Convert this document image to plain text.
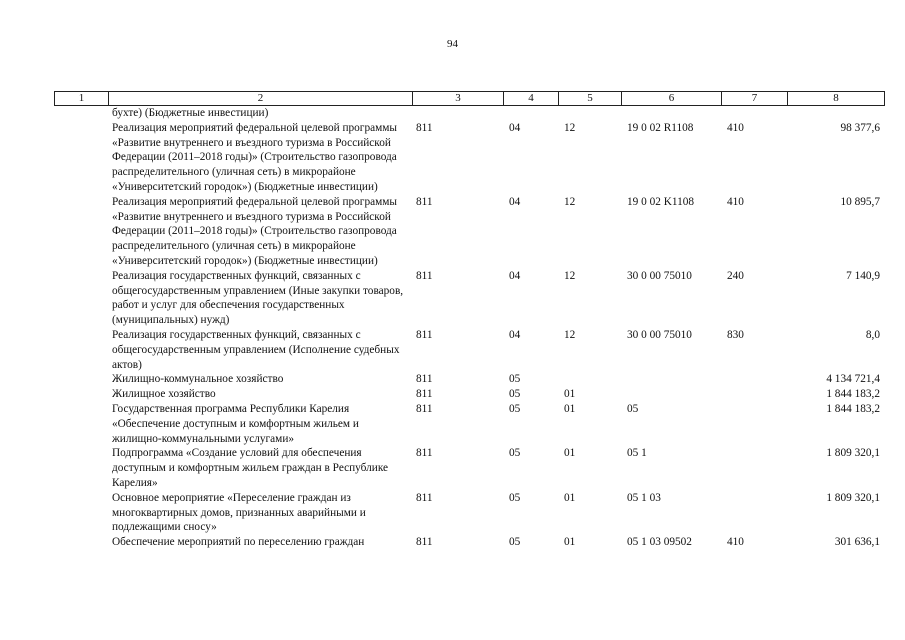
94
1	2	3	4	5	6	7	8
	бухте) (Бюджетные инвестиции)						
	Реализация мероприятий федеральной целевой программы «Развитие внутреннего и въездного туризма в Российской Федерации (2011–2018 годы)» (Строительство газопровода распределительного (уличная сеть) в микрорайоне «Университетский городок») (Бюджетные инвестиции)	811	04	12	19 0 02 R1108	410	98 377,6
	Реализация мероприятий федеральной целевой программы «Развитие внутреннего и въездного туризма в Российской Федерации (2011–2018 годы)» (Строительство газопровода распределительного (уличная сеть) в микрорайоне «Университетский городок») (Бюджетные инвестиции)	811	04	12	19 0 02 K1108	410	10 895,7
	Реализация государственных функций, связанных с общегосударственным управлением (Иные закупки товаров, работ и услуг для обеспечения государственных (муниципальных) нужд)	811	04	12	30 0 00 75010	240	7 140,9
	Реализация государственных функций, связанных с общегосударственным управлением (Исполнение судебных актов)	811	04	12	30 0 00 75010	830	8,0
	Жилищно-коммунальное хозяйство	811	05				4 134 721,4
	Жилищное хозяйство	811	05	01			1 844 183,2
	Государственная программа Республики Карелия «Обеспечение доступным и комфортным жильем и жилищно-коммунальными услугами»	811	05	01	05		1 844 183,2
	Подпрограмма «Создание условий для обеспечения доступным и комфортным жильем граждан в Республике Карелия»	811	05	01	05 1		1 809 320,1
	Основное мероприятие «Переселение граждан из многоквартирных домов, признанных аварийными и подлежащими сносу»	811	05	01	05 1 03		1 809 320,1
	Обеспечение мероприятий по переселению граждан	811	05	01	05 1 03 09502	410	301 636,1
